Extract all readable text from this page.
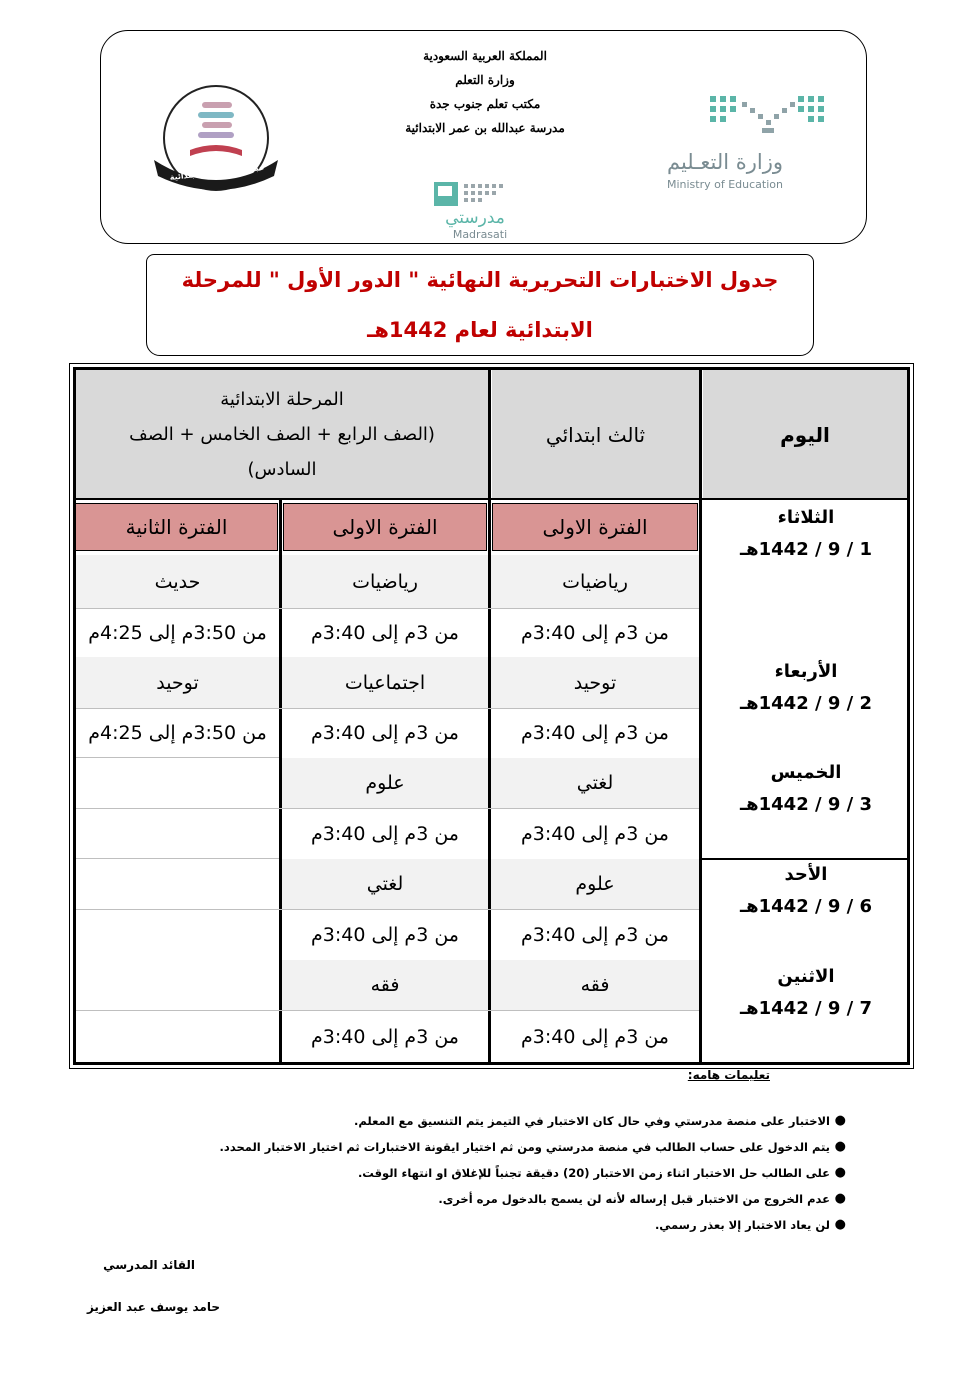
المملكة العربية السعودية
وزارة التعلم
مكتب تعلم جنوب جدة
مدرسة عبدالله بن عمر الابتدائية
وزارة التعـليم
Ministry of Education
مدرستي
Madrasati
عبدالله بن عمر الابتدائية
جدول الاختبارات التحريرية النهائية " الدور الأول " للمرحلة
الابتدائية لعام 1442هـ
اليوم
ثالث ابتدائي
المرحلة الابتدائية
(الصف الرابع + الصف الخامس + الصف
السادس)
الفترة الاولى
الفترة الاولى
الفترة الثانية	الثلاثاء
1 / 9 / 1442هـ
الأربعاء
2 / 9 / 1442هـ
الخميس
3 / 9 / 1442هـ
الأحد
6 / 9 / 1442هـ
الاثنين
7 / 9 / 1442هـ
رياضيات
رياضيات
حديث
من 3م إلى 3:40م
من 3م إلى 3:40م
من 3:50م إلى 4:25م
توحيد
اجتماعيات
توحيد
من 3م إلى 3:40م
من 3م إلى 3:40م
من 3:50م إلى 4:25م
لغتي
علوم
من 3م إلى 3:40م
من 3م إلى 3:40م
علوم
لغتي
من 3م إلى 3:40م
من 3م إلى 3:40م
فقه
فقه
من 3م إلى 3:40م
من 3م إلى 3:40م
تعليمات هامه:
●
الاختبار على منصة مدرستي وفي حال كان الاختبار في التيمز يتم التنسيق مع المعلم.
●
يتم الدخول على حساب الطالب في منصة مدرستي ومن ثم اختيار ايقونة الاختبارات ثم اختيار الاختبار المحدد.
●
على الطالب حل الاختبار اثناء زمن الاختبار (20) دقيقة تجنباً للإغلاق او انتهاء الوقت.
●
عدم الخروج من الاختبار قبل إرساله لأنه لن يسمح بالدخول مره أخرى.
●
لن يعاد الاختبار إلا بعذر رسمي.
القائد المدرسي
حامد يوسف عبد العزيز
